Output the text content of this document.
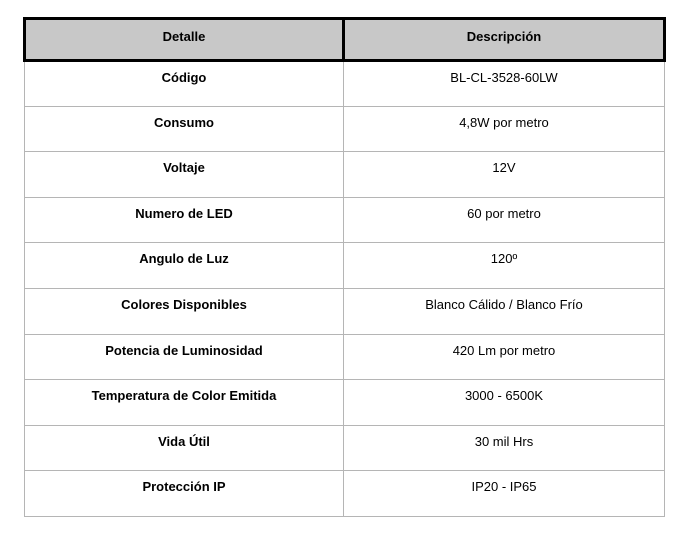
Detalle	Descripción
Código	BL-CL-3528-60LW
Consumo	4,8W por metro
Voltaje	12V
Numero de LED	60 por metro
Angulo de Luz	120º
Colores Disponibles	Blanco Cálido / Blanco Frío
Potencia de Luminosidad	420 Lm por metro
Temperatura de Color Emitida	3000 - 6500K
Vida Útil	30 mil Hrs
Protección IP	IP20 - IP65
